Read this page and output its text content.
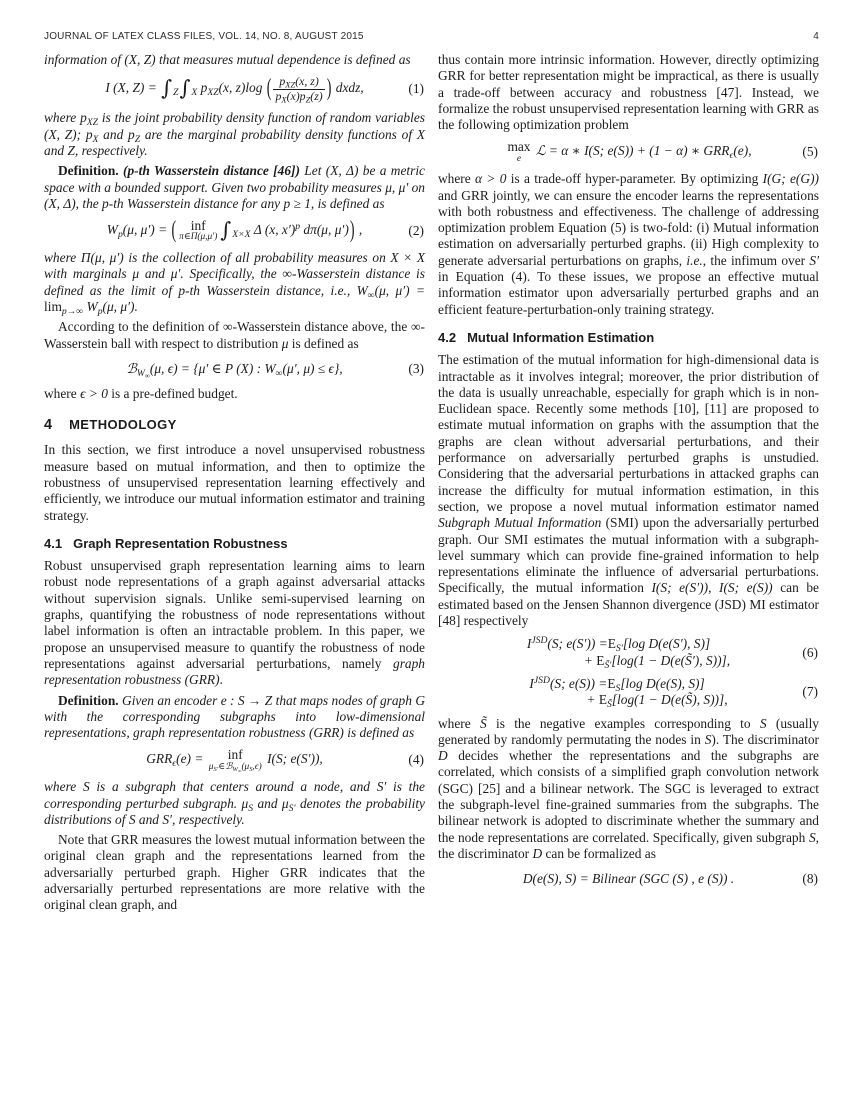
JOURNAL OF LATEX CLASS FILES, VOL. 14, NO. 8, AUGUST 2015	4

information of (X, Z) that measures mutual dependence is defined as

I (X, $Z) = \int_Z\int_X$ $p_{XZ}(x$, z)log ( $p_{XZ}(x$, z)
$p_X(x)p_Z(z)$ ) dxdz,	(1)

where $p_{XZ}$ is the joint probability density function of random variables (X, Z); $p_X$ and $p_Z$ are the marginal probability density functions of X and Z, respectively.

Definition. (p-th Wasserstein distance [46]) Let (X, Δ) be a metric space with a bounded support. Given two probability measures μ, μ′ on (X, Δ), the p-th Wasserstein distance for any p ≥ 1, is defined as

$W_p(\mu$, μ′) = ( inf
π∈Π(μ,μ′) $\int_{X\times X}$ Δ (x, x′)$^p$ dπ(μ, μ′)) ,	(2)

where Π(μ, μ′) is the collection of all probability measures on X × X with marginals μ and μ′. Specifically, the ∞-Wasserstein distance is defined as the limit of p-th Wasserstein distance, i.e., $W_\infty(\mu$, $\mu') = \lim_{p\to\infty} W_p(\mu$, μ′).

According to the definition of ∞-Wasserstein distance above, the ∞-Wasserstein ball with respect to distribution μ is defined as

ℬ$_{W_\infty}$(μ, ϵ) = {μ′ ∈ P (X) : $W_\infty(\mu'$, μ) ≤ ϵ},	(3)

where ϵ > 0 is a pre-defined budget.

4 METHODOLOGY

In this section, we first introduce a novel unsupervised robustness measure based on mutual information, and then to optimize the robustness of unsupervised representation learning effectively and efficiently, we introduce our mutual information estimator and training strategy.

4.1 Graph Representation Robustness

Robust unsupervised graph representation learning aims to learn robust node representations of a graph against adversarial attacks without supervision signals. Unlike semi-supervised learning on graphs, quantifying the robustness of node representations without label information is often an intractable problem. In this paper, we propose an unsupervised measure to quantify the robustness of node representations against adversarial perturbations, namely graph representation robustness (GRR).

Definition. Given an encoder e : S → Z that maps nodes of graph G with the corresponding subgraphs into low-dimensional representations, graph representation robustness (GRR) is defined as

$GRR_\epsilon(e)$ = inf
$\mu_{S'}\in ℬ_{W_\infty}(\mu_S,\epsilon)$
I(S; e(S′)),	(4)

where S is a subgraph that centers around a node, and S′ is the corresponding perturbed subgraph. $\mu_S$ and $\mu_{S'}$ denotes the probability distributions of S and S′, respectively.

Note that GRR measures the lowest mutual information between the original clean graph and the representations learned from the adversarially perturbed graph. Higher GRR indicates that the adversarially perturbed representations are more relative with the original clean graph, and

thus contain more intrinsic information. However, directly optimizing GRR for better representation might be impractical, as there is usually a trade-off between accuracy and robustness [47]. Instead, we formalize the robust unsupervised representation learning with GRR as the following optimization problem

max
e
ℒ = α ∗ I(S; e(S)) + (1 − α) ∗ $GRR_\epsilon(e)$,	(5)

where α > 0 is a trade-off hyper-parameter. By optimizing I(G; e(G)) and GRR jointly, we can ensure the encoder learns the representations with both robustness and effectiveness. The challenge of addressing optimization problem Equation (5) is two-fold: (i) Mutual information estimation on adversarially perturbed graphs. (ii) High complexity to generate adversarial perturbations on graphs, i.e., the infimum over S′ in Equation (4). To these issues, we propose an effective mutual information estimator upon adversarially perturbed graphs and an efficient feature-perturbation-only training strategy.

4.2 Mutual Information Estimation

The estimation of the mutual information for high-dimensional data is intractable as it involves integral; moreover, the prior distribution of the data is usually unreachable, especially for graph which is in non-Euclidean space. Recently some methods [10], [11] are proposed to estimate mutual information on graphs with the assumption that the graphs are clean without adversarial perturbations, and their performance on adversarially perturbed graphs is unstudied. Considering that the adversarial perturbations in attacked graphs can increase the difficulty for mutual information estimation, in this section, we propose a novel mutual information estimator named Subgraph Mutual Information (SMI) upon the adversarially perturbed graph. Our SMI estimates the mutual information with a subgraph-level summary which can provide fine-grained information to help representations eliminate the influence of adversarial perturbations. Specifically, the mutual information I(S; e(S′)), I(S; e(S)) can be estimated based on the Jensen Shannon divergence (JSD) MI estimator [48] respectively

$I^{JSD}(S$; $e(S')) =E_{S'}[\log$ D(e(S′), S)]
+ $E_{S̃'}[\log(1$ − D(e(S̃′), S))],
(6)
$I^{JSD}(S$; $e(S)) =E_S[\log$ D(e(S), S)]
+ $E_{S̃}[\log(1$ − D(e(S̃), S))],
(7)

where S̃ is the negative examples corresponding to S (usually generated by randomly permutating the nodes in S). The discriminator D decides whether the representations and the subgraphs are correlated, which consists of a simplified graph convolution network (SGC) [25] and a bilinear network. The SGC is leveraged to extract the subgraph-level fine-grained summaries from the subgraphs. The bilinear network is adopted to discriminate whether the summary and the node representations are correlated. Specifically, given subgraph S, the discriminator D can be formalized as

D(e(S), S) = Bilinear (SGC (S) , e (S)) .	(8)
